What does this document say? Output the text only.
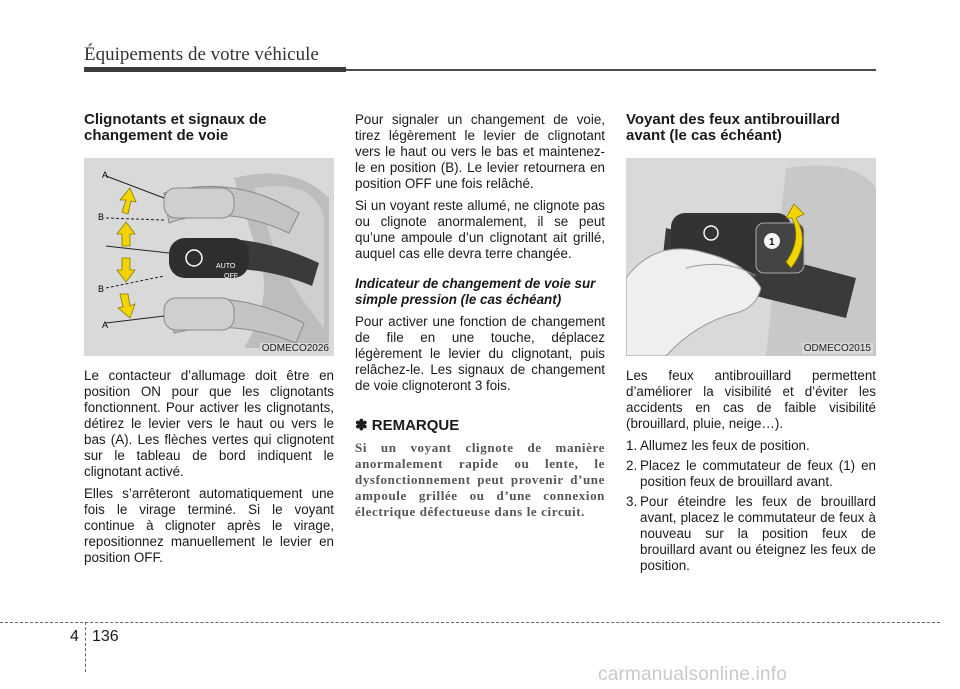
Équipements de votre véhicule
Clignotants et signaux de changement de voie
AUTO
OFF
A
B
B
A
ODMECO2026

Le contacteur d’allumage doit être en position ON pour que les clignotants fonctionnent. Pour activer les clignotants, détirez le levier vers le haut ou vers le bas (A). Les flèches vertes qui clignotent sur le tableau de bord indiquent le clignotant activé.

Elles s’arrêteront automatiquement une fois le virage terminé. Si le voyant continue à clignoter après le virage, repositionnez manuellement le levier en position OFF.

Pour signaler un changement de voie, tirez légèrement le levier de clignotant vers le haut ou vers le bas et maintenez-le en position (B). Le levier retournera en position OFF une fois relâché.

Si un voyant reste allumé, ne clignote pas ou clignote anormalement, il se peut qu’une ampoule d’un clignotant ait grillé, auquel cas elle devra terre changée.

Indicateur de changement de voie sur simple pression (le cas échéant)

Pour activer une fonction de changement de file en une touche, déplacez légèrement le levier du clignotant, puis relâchez-le. Les signaux de changement de voie clignoteront 3 fois.

✽ REMARQUE
Si un voyant clignote de manière anormalement rapide ou lente, le dysfonctionnement peut provenir d’une ampoule grillée ou d’une connexion électrique défectueuse dans le circuit.
Voyant des feux antibrouillard avant (le cas échéant)
1
ODMECO2015

Les feux antibrouillard permettent d’améliorer la visibilité et d’éviter les accidents en cas de faible visibilité (brouillard, pluie, neige…).

1. Allumez les feux de position.
2. Placez le commutateur de feux (1) en position feux de brouillard avant.
3. Pour éteindre les feux de brouillard avant, placez le commutateur de feux à nouveau sur la position feux de brouillard avant ou éteignez les feux de position.
4 136
carmanualsonline.info
